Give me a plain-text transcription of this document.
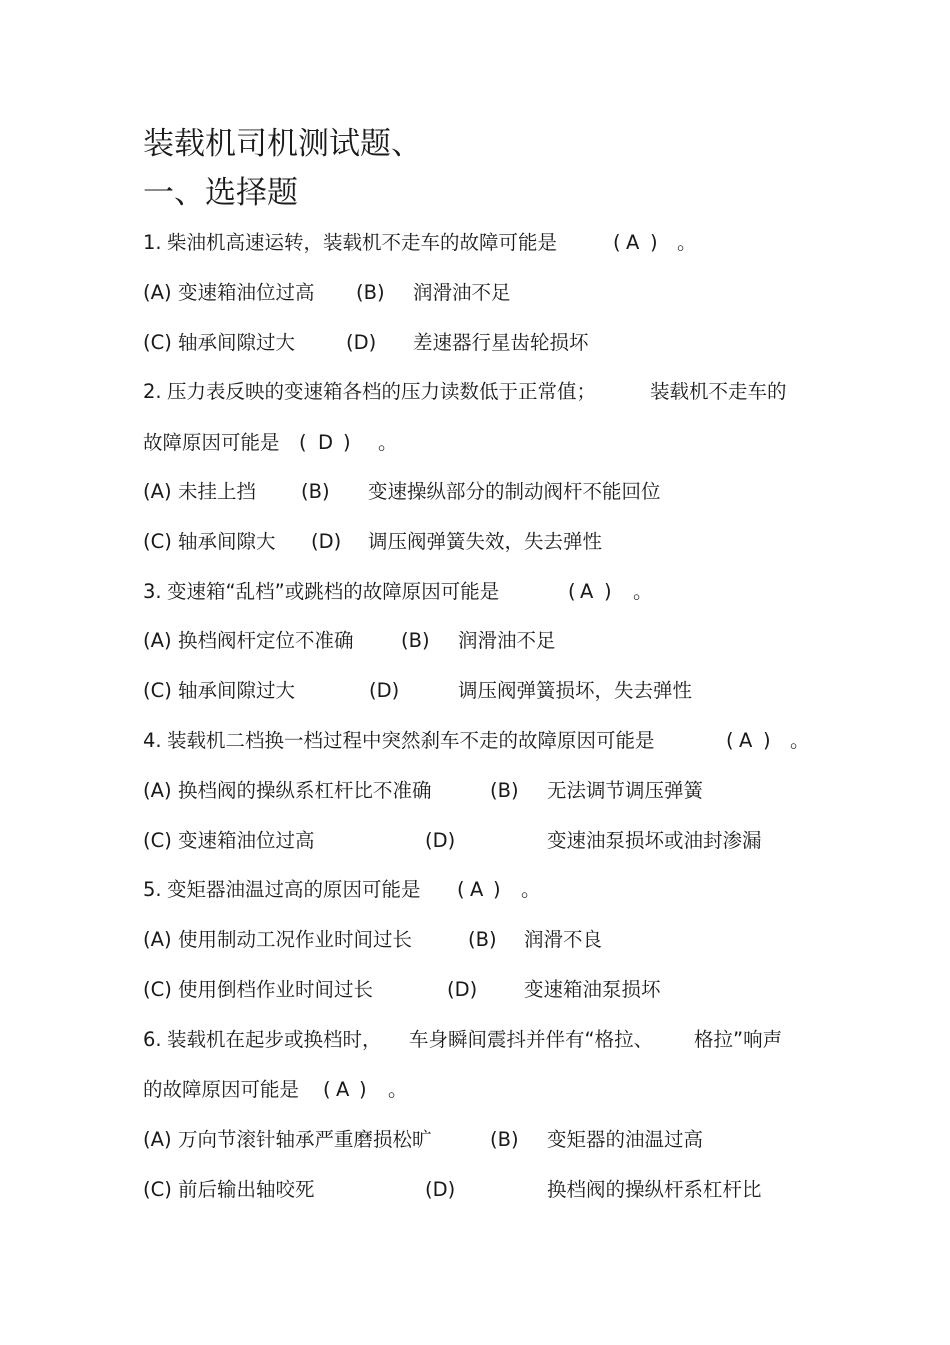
装载机司机测试题、
一、选择题
1. 柴油机高速运转，装载机不走车的故障可能是	( A ) 。
(A) 变速箱油位过高 (B) 润滑油不足
(C) 轴承间隙过大	(D) 差速器行星齿轮损坏
2. 压力表反映的变速箱各档的压力读数低于正常值；	装载机不走车的
故障原因可能是 ( D ) 。
(A) 未挂上挡 (B) 变速操纵部分的制动阀杆不能回位
(C) 轴承间隙大 (D) 调压阀弹簧失效，失去弹性
3. 变速箱“乱档”或跳档的故障原因可能是	( A ) 。
(A) 换档阀杆定位不准确 (B) 润滑油不足
(C) 轴承间隙过大	(D)	调压阀弹簧损坏，失去弹性
4. 装载机二档换一档过程中突然刹车不走的故障原因可能是	( A ) 。
(A) 换档阀的操纵系杠杆比不准确	(B) 无法调节调压弹簧
(C) 变速箱油位过高	(D)	变速油泵损坏或油封渗漏
5. 变矩器油温过高的原因可能是 ( A ) 。
(A) 使用制动工况作业时间过长	(B) 润滑不良
(C) 使用倒档作业时间过长	(D) 变速箱油泵损坏
6. 装载机在起步或换档时， 车身瞬间震抖并伴有“格拉、 格拉”响声
的故障原因可能是 ( A ) 。
(A) 万向节滚针轴承严重磨损松旷	(B) 变矩器的油温过高
(C) 前后输出轴咬死	(D)	换档阀的操纵杆系杠杆比
